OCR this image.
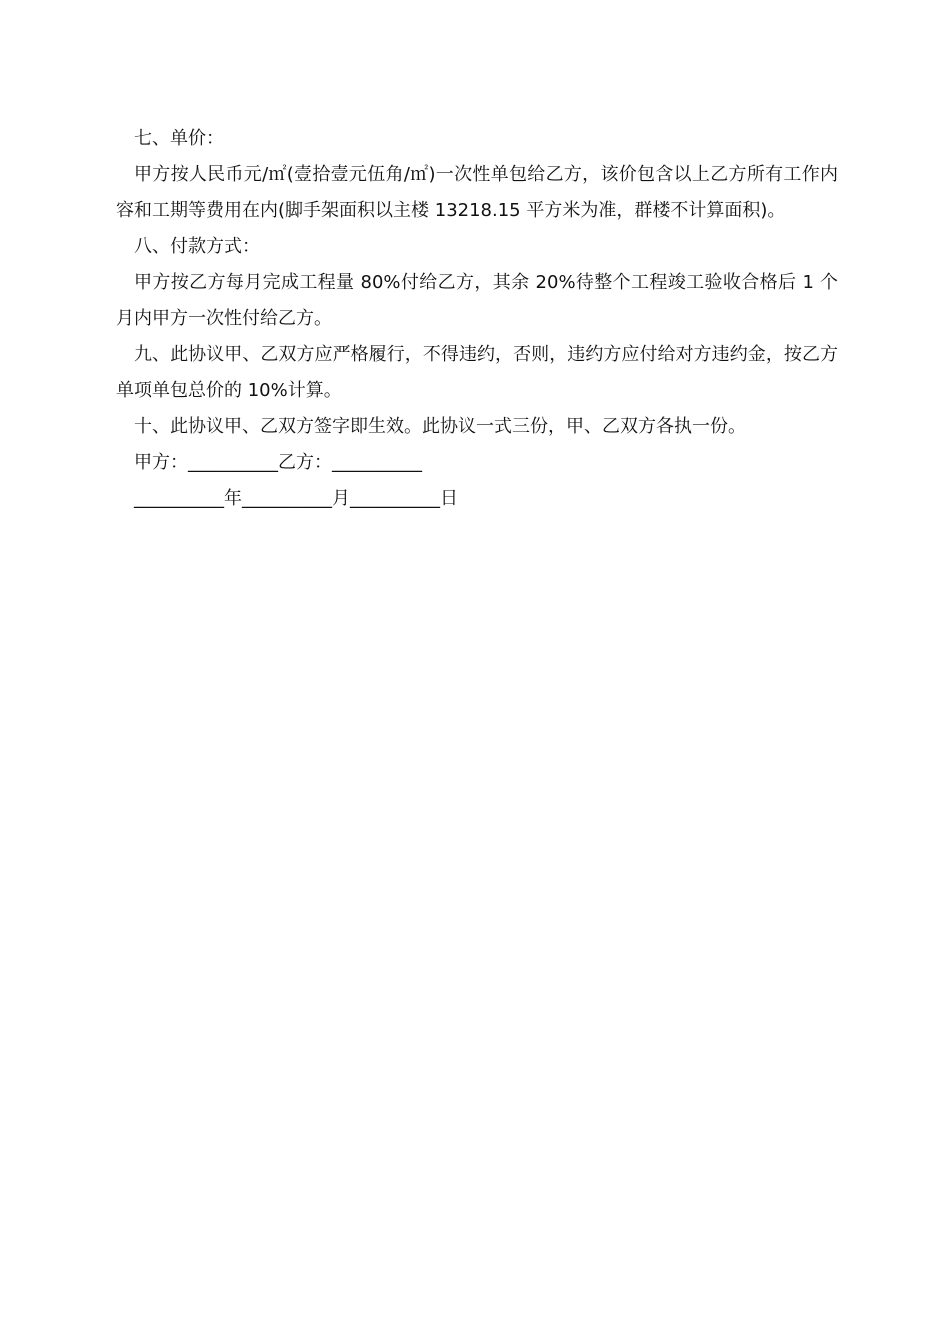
七、单价：

甲方按人民币元/㎡(壹拾壹元伍角/㎡)一次性单包给乙方，该价包含以上乙方所有工作内容和工期等费用在内(脚手架面积以主楼 13218.15 平方米为准，群楼不计算面积)。

八、付款方式：

甲方按乙方每月完成工程量 80%付给乙方，其余 20%待整个工程竣工验收合格后 1 个月内甲方一次性付给乙方。

九、此协议甲、乙双方应严格履行，不得违约，否则，违约方应付给对方违约金，按乙方单项单包总价的 10%计算。

十、此协议甲、乙双方签字即生效。此协议一式三份，甲、乙双方各执一份。

甲方：__________乙方：__________

__________年__________月__________日
